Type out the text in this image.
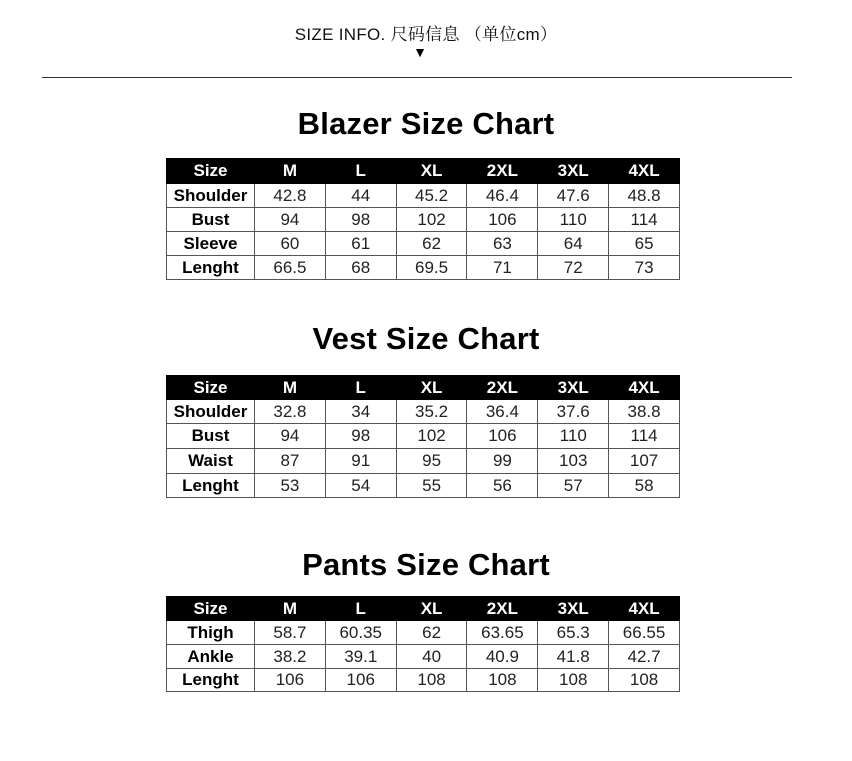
SIZE INFO. 尺码信息 （单位cm）
▼
Blazer Size Chart
Size	M	L	XL	2XL	3XL	4XL
Shoulder	42.8	44	45.2	46.4	47.6	48.8
Bust	94	98	102	106	110	114
Sleeve	60	61	62	63	64	65
Lenght	66.5	68	69.5	71	72	73
Vest Size Chart
Size	M	L	XL	2XL	3XL	4XL
Shoulder	32.8	34	35.2	36.4	37.6	38.8
Bust	94	98	102	106	110	114
Waist	87	91	95	99	103	107
Lenght	53	54	55	56	57	58
Pants Size Chart
Size	M	L	XL	2XL	3XL	4XL
Thigh	58.7	60.35	62	63.65	65.3	66.55
Ankle	38.2	39.1	40	40.9	41.8	42.7
Lenght	106	106	108	108	108	108
